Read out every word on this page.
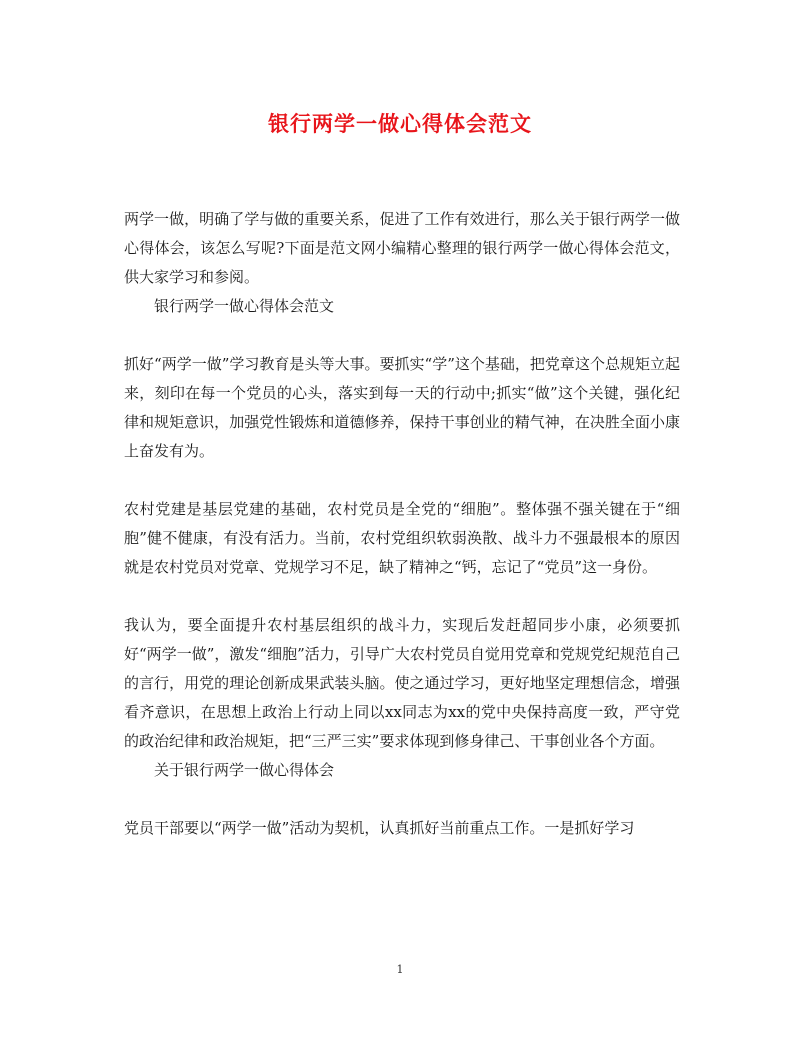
银行两学一做心得体会范文

两学一做，明确了学与做的重要关系，促进了工作有效进行，那么关于银行两学一做心得体会，该怎么写呢?下面是范文网小编精心整理的银行两学一做心得体会范文，供大家学习和参阅。

银行两学一做心得体会范文

抓好“两学一做”学习教育是头等大事。要抓实“学”这个基础，把党章这个总规矩立起来，刻印在每一个党员的心头，落实到每一天的行动中;抓实“做”这个关键，强化纪律和规矩意识，加强党性锻炼和道德修养，保持干事创业的精气神，在决胜全面小康上奋发有为。

农村党建是基层党建的基础，农村党员是全党的“细胞”。整体强不强关键在于“细胞”健不健康，有没有活力。当前，农村党组织软弱涣散、战斗力不强最根本的原因就是农村党员对党章、党规学习不足，缺了精神之“钙，忘记了“党员”这一身份。

我认为，要全面提升农村基层组织的战斗力，实现后发赶超同步小康，必须要抓好“两学一做”，激发“细胞”活力，引导广大农村党员自觉用党章和党规党纪规范自己的言行，用党的理论创新成果武装头脑。使之通过学习，更好地坚定理想信念，增强看齐意识，在思想上政治上行动上同以xx同志为xx的党中央保持高度一致，严守党的政治纪律和政治规矩，把“三严三实”要求体现到修身律己、干事创业各个方面。

关于银行两学一做心得体会

党员干部要以“两学一做”活动为契机，认真抓好当前重点工作。一是抓好学习

1
